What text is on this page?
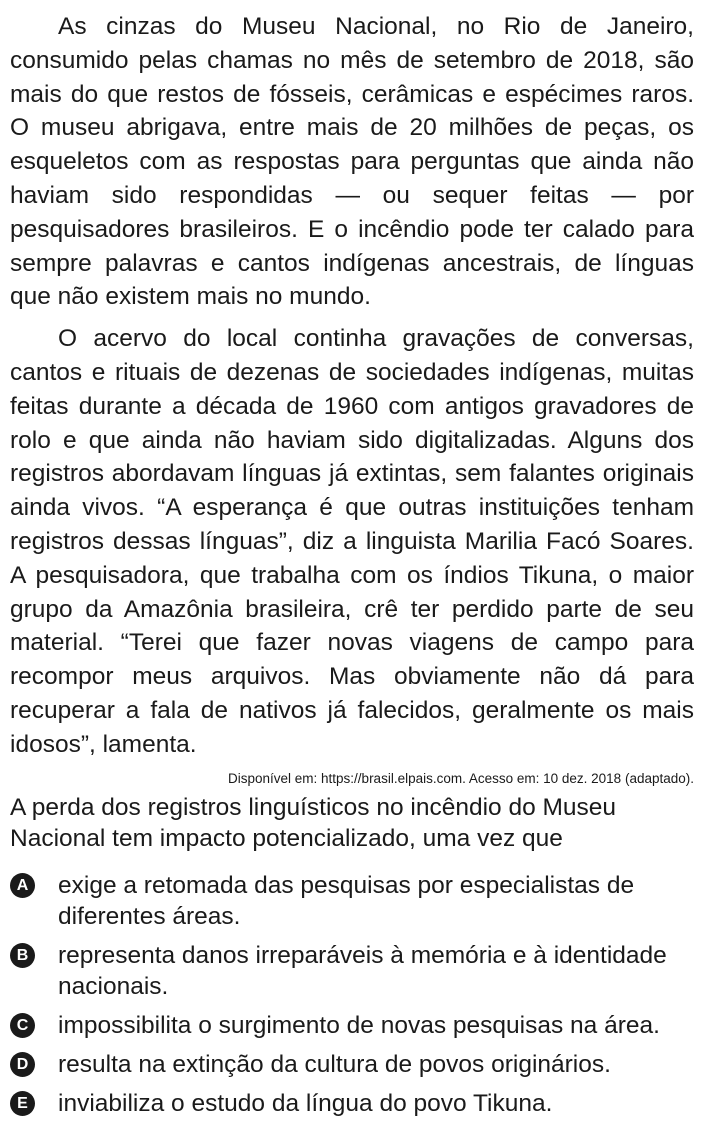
As cinzas do Museu Nacional, no Rio de Janeiro, consumido pelas chamas no mês de setembro de 2018, são mais do que restos de fósseis, cerâmicas e espécimes raros. O museu abrigava, entre mais de 20 milhões de peças, os esqueletos com as respostas para perguntas que ainda não haviam sido respondidas — ou sequer feitas — por pesquisadores brasileiros. E o incêndio pode ter calado para sempre palavras e cantos indígenas ancestrais, de línguas que não existem mais no mundo.

O acervo do local continha gravações de conversas, cantos e rituais de dezenas de sociedades indígenas, muitas feitas durante a década de 1960 com antigos gravadores de rolo e que ainda não haviam sido digitalizadas. Alguns dos registros abordavam línguas já extintas, sem falantes originais ainda vivos. “A esperança é que outras instituições tenham registros dessas línguas”, diz a linguista Marilia Facó Soares. A pesquisadora, que trabalha com os índios Tikuna, o maior grupo da Amazônia brasileira, crê ter perdido parte de seu material. “Terei que fazer novas viagens de campo para recompor meus arquivos. Mas obviamente não dá para recuperar a fala de nativos já falecidos, geralmente os mais idosos”, lamenta.

Disponível em: https://brasil.elpais.com. Acesso em: 10 dez. 2018 (adaptado).

A perda dos registros linguísticos no incêndio do Museu Nacional tem impacto potencializado, uma vez que

A exige a retomada das pesquisas por especialistas de diferentes áreas.
B representa danos irreparáveis à memória e à identidade nacionais.
C impossibilita o surgimento de novas pesquisas na área.
D resulta na extinção da cultura de povos originários.
E inviabiliza o estudo da língua do povo Tikuna.
